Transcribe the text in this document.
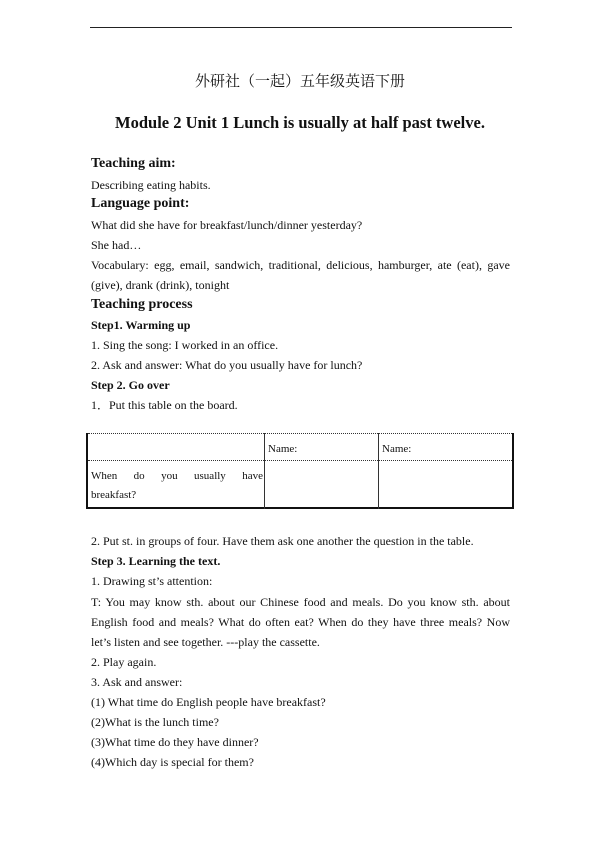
外研社（一起）五年级英语下册
Module 2 Unit 1 Lunch is usually at half past twelve.
Teaching aim:
Describing eating habits.
Language point:
What did she have for breakfast/lunch/dinner yesterday?
She had…
Vocabulary: egg, email, sandwich, traditional, delicious, hamburger, ate (eat), gave
(give), drank (drink), tonight
Teaching process
Step1. Warming up
1. Sing the song: I worked in an office.
2. Ask and answer: What do you usually have for lunch?
Step 2. Go over
1．Put this table on the board.
Name:	Name:
When do you usually have
breakfast?
2. Put st. in groups of four. Have them ask one another the question in the table.
Step 3. Learning the text.
1. Drawing st’s attention:
T: You may know sth. about our Chinese food and meals. Do you know sth. about
English food and meals? What do often eat? When do they have three meals? Now
let’s listen and see together. ---play the cassette.
2. Play again.
3. Ask and answer:
(1) What time do English people have breakfast?
(2)What is the lunch time?
(3)What time do they have dinner?
(4)Which day is special for them?
